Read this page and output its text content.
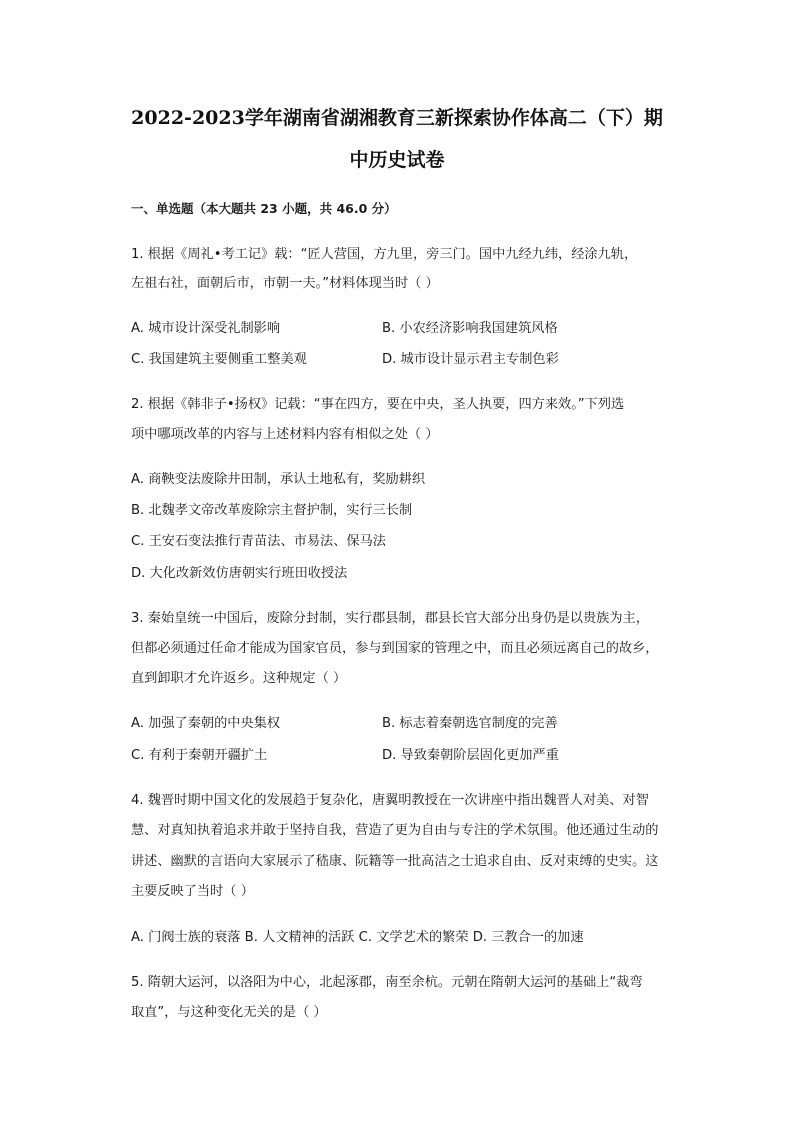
2022-2023学年湖南省湖湘教育三新探索协作体高二（下）期
中历史试卷
一、单选题（本大题共 23 小题，共 46.0 分）
1. 根据《周礼•考工记》载：“匠人营国，方九里，旁三门。国中九经九纬，经涂九轨，
左祖右社，面朝后市，市朝一夫。”材料体现当时（ ）
A. 城市设计深受礼制影响	B. 小农经济影响我国建筑风格
C. 我国建筑主要侧重工整美观	D. 城市设计显示君主专制色彩
2. 根据《韩非子•扬权》记载：“事在四方，要在中央，圣人执要，四方来效。”下列选
项中哪项改革的内容与上述材料内容有相似之处（ ）
A. 商鞅变法废除井田制，承认土地私有，奖励耕织
B. 北魏孝文帝改革废除宗主督护制，实行三长制
C. 王安石变法推行青苗法、市易法、保马法
D. 大化改新效仿唐朝实行班田收授法
3. 秦始皇统一中国后，废除分封制，实行郡县制，郡县长官大部分出身仍是以贵族为主，
但都必须通过任命才能成为国家官员，参与到国家的管理之中，而且必须远离自己的故乡，
直到卸职才允许返乡。这种规定（ ）
A. 加强了秦朝的中央集权	B. 标志着秦朝选官制度的完善
C. 有利于秦朝开疆扩土	D. 导致秦朝阶层固化更加严重
4. 魏晋时期中国文化的发展趋于复杂化，唐翼明教授在一次讲座中指出魏晋人对美、对智
慧、对真知执着追求并敢于坚持自我，营造了更为自由与专注的学术氛围。他还通过生动的
讲述、幽默的言语向大家展示了嵇康、阮籍等一批高洁之士追求自由、反对束缚的史实。这
主要反映了当时（ ）
A. 门阀士族的衰落 B. 人文精神的活跃 C. 文学艺术的繁荣 D. 三教合一的加速
5. 隋朝大运河，以洛阳为中心，北起涿郡，南至余杭。元朝在隋朝大运河的基础上“裁弯
取直”，与这种变化无关的是（ ）
